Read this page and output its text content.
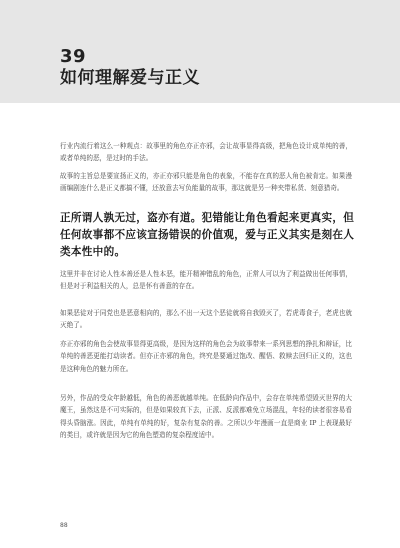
39
如何理解爱与正义

行业内流行着这么一种观点：故事里的角色亦正亦邪，会让故事显得高级，把角色设计成单纯的善，或者单纯的恶，是过时的手法。

故事的主旨总是要宣扬正义的，亦正亦邪只能是角色的表象，不能存在真的恶人角色被肯定。如果漫画编剧连什么是正义都搞不懂，还放意去写负能量的故事，那这就是另一种夹带私货、刻意猎奇。

正所谓人孰无过，盗亦有道。犯错能让角色看起来更真实，但任何故事都不应该宣扬错误的价值观，爱与正义其实是刻在人类本性中的。

这里并非在讨论人性本善还是人性本恶，能开精神错乱的角色，正常人可以为了利益做出任何事情，但是对于利益相关的人，总是怀有善意的存在。

如果恶徒对于同党也是恶意相向的，那么不出一天这个恶徒就将自我毁灭了，若虎毒食子，老虎也就灭绝了。

亦正亦邪的角色会使故事显得更高级，是因为这样的角色会为故事带来一系列思想的挣扎和辩证，比单纯的善恶更能打动读者。但亦正亦邪的角色，终究是要通过饱改、醒悟、救赎去回归正义的，这也是这种角色的魅力所在。

另外，作品的受众年龄越低，角色的善恶就越单纯。在低龄向作品中，会存在单纯希望毁灭世界的大魔王，虽然这是不可实际的，但是如果较真下去，正派、反派都难免立场混乱，年轻的读者很容易看得头昏脑涨。因此，单纯有单纯的好，复杂有复杂的善。之所以少年漫画一直是商业 IP 上表现最好的类目，或许就是因为它的角色塑造的复杂程度适中。

88
